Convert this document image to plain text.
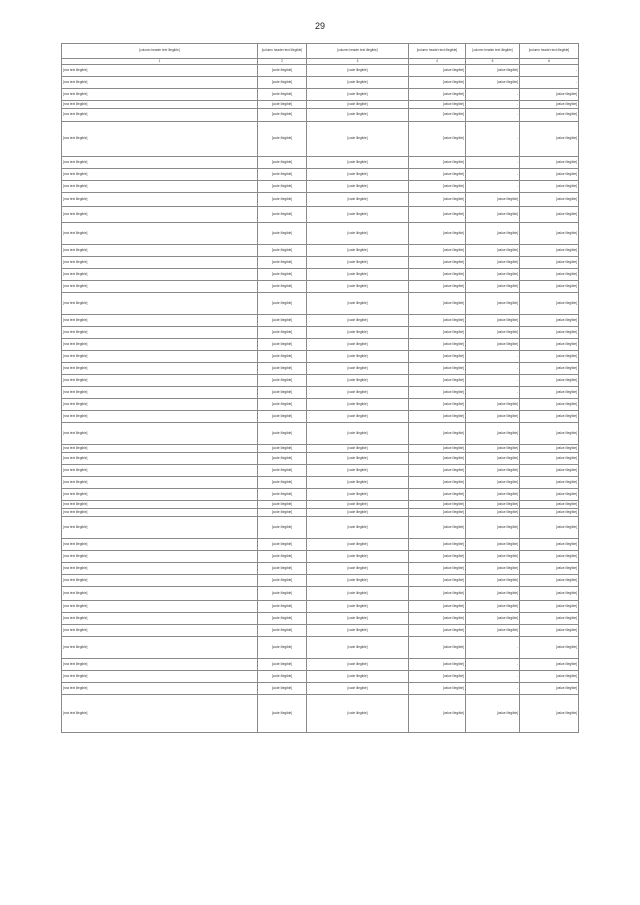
29
[column header text illegible]	[column header text illegible]	[column header text illegible]	[column header text illegible]	[column header text illegible]	[column header text illegible]
1	2	3	4	5	6
[row text illegible]	[code illegible]	[code illegible]	[value illegible]	[value illegible]	-
[row text illegible]	[code illegible]	[code illegible]	[value illegible]	[value illegible]	-
[row text illegible]	[code illegible]	[code illegible]	[value illegible]	-	[value illegible]
[row text illegible]	[code illegible]	[code illegible]	[value illegible]	-	[value illegible]
[row text illegible]	[code illegible]	[code illegible]	[value illegible]	-	[value illegible]
[row text illegible]	[code illegible]	[code illegible]	[value illegible]	-	[value illegible]
[row text illegible]	[code illegible]	[code illegible]	[value illegible]	-	[value illegible]
[row text illegible]	[code illegible]	[code illegible]	[value illegible]	-	[value illegible]
[row text illegible]	[code illegible]	[code illegible]	[value illegible]	-	[value illegible]
[row text illegible]	[code illegible]	[code illegible]	[value illegible]	[value illegible]	[value illegible]
[row text illegible]	[code illegible]	[code illegible]	[value illegible]	[value illegible]	[value illegible]
[row text illegible]	[code illegible]	[code illegible]	[value illegible]	[value illegible]	[value illegible]
[row text illegible]	[code illegible]	[code illegible]	[value illegible]	[value illegible]	[value illegible]
[row text illegible]	[code illegible]	[code illegible]	[value illegible]	[value illegible]	[value illegible]
[row text illegible]	[code illegible]	[code illegible]	[value illegible]	[value illegible]	[value illegible]
[row text illegible]	[code illegible]	[code illegible]	[value illegible]	[value illegible]	[value illegible]
[row text illegible]	[code illegible]	[code illegible]	[value illegible]	[value illegible]	[value illegible]
[row text illegible]	[code illegible]	[code illegible]	[value illegible]	[value illegible]	[value illegible]
[row text illegible]	[code illegible]	[code illegible]	[value illegible]	[value illegible]	[value illegible]
[row text illegible]	[code illegible]	[code illegible]	[value illegible]	[value illegible]	[value illegible]
[row text illegible]	[code illegible]	[code illegible]	[value illegible]	-	[value illegible]
[row text illegible]	[code illegible]	[code illegible]	[value illegible]	-	[value illegible]
[row text illegible]	[code illegible]	[code illegible]	[value illegible]	-	[value illegible]
[row text illegible]	[code illegible]	[code illegible]	[value illegible]	-	[value illegible]
[row text illegible]	[code illegible]	[code illegible]	[value illegible]	[value illegible]	[value illegible]
[row text illegible]	[code illegible]	[code illegible]	[value illegible]	[value illegible]	[value illegible]
[row text illegible]	[code illegible]	[code illegible]	[value illegible]	[value illegible]	[value illegible]
[row text illegible]	[code illegible]	[code illegible]	[value illegible]	[value illegible]	[value illegible]
[row text illegible]	[code illegible]	[code illegible]	[value illegible]	[value illegible]	[value illegible]
[row text illegible]	[code illegible]	[code illegible]	[value illegible]	[value illegible]	[value illegible]
[row text illegible]	[code illegible]	[code illegible]	[value illegible]	[value illegible]	[value illegible]
[row text illegible]	[code illegible]	[code illegible]	[value illegible]	[value illegible]	[value illegible]
[row text illegible]	[code illegible]	[code illegible]	[value illegible]	[value illegible]	[value illegible]
[row text illegible]	[code illegible]	[code illegible]	[value illegible]	[value illegible]	[value illegible]
[row text illegible]	[code illegible]	[code illegible]	[value illegible]	[value illegible]	[value illegible]
[row text illegible]	[code illegible]	[code illegible]	[value illegible]	[value illegible]	[value illegible]
[row text illegible]	[code illegible]	[code illegible]	[value illegible]	[value illegible]	[value illegible]
[row text illegible]	[code illegible]	[code illegible]	[value illegible]	[value illegible]	[value illegible]
[row text illegible]	[code illegible]	[code illegible]	[value illegible]	[value illegible]	[value illegible]
[row text illegible]	[code illegible]	[code illegible]	[value illegible]	[value illegible]	[value illegible]
[row text illegible]	[code illegible]	[code illegible]	[value illegible]	[value illegible]	[value illegible]
[row text illegible]	[code illegible]	[code illegible]	[value illegible]	[value illegible]	[value illegible]
[row text illegible]	[code illegible]	[code illegible]	[value illegible]	[value illegible]	[value illegible]
[row text illegible]	[code illegible]	[code illegible]	[value illegible]	-	[value illegible]
[row text illegible]	[code illegible]	[code illegible]	[value illegible]	-	[value illegible]
[row text illegible]	[code illegible]	[code illegible]	[value illegible]	-	[value illegible]
[row text illegible]	[code illegible]	[code illegible]	[value illegible]	-	[value illegible]
[row text illegible]	[code illegible]	[code illegible]	[value illegible]	[value illegible]	[value illegible]
